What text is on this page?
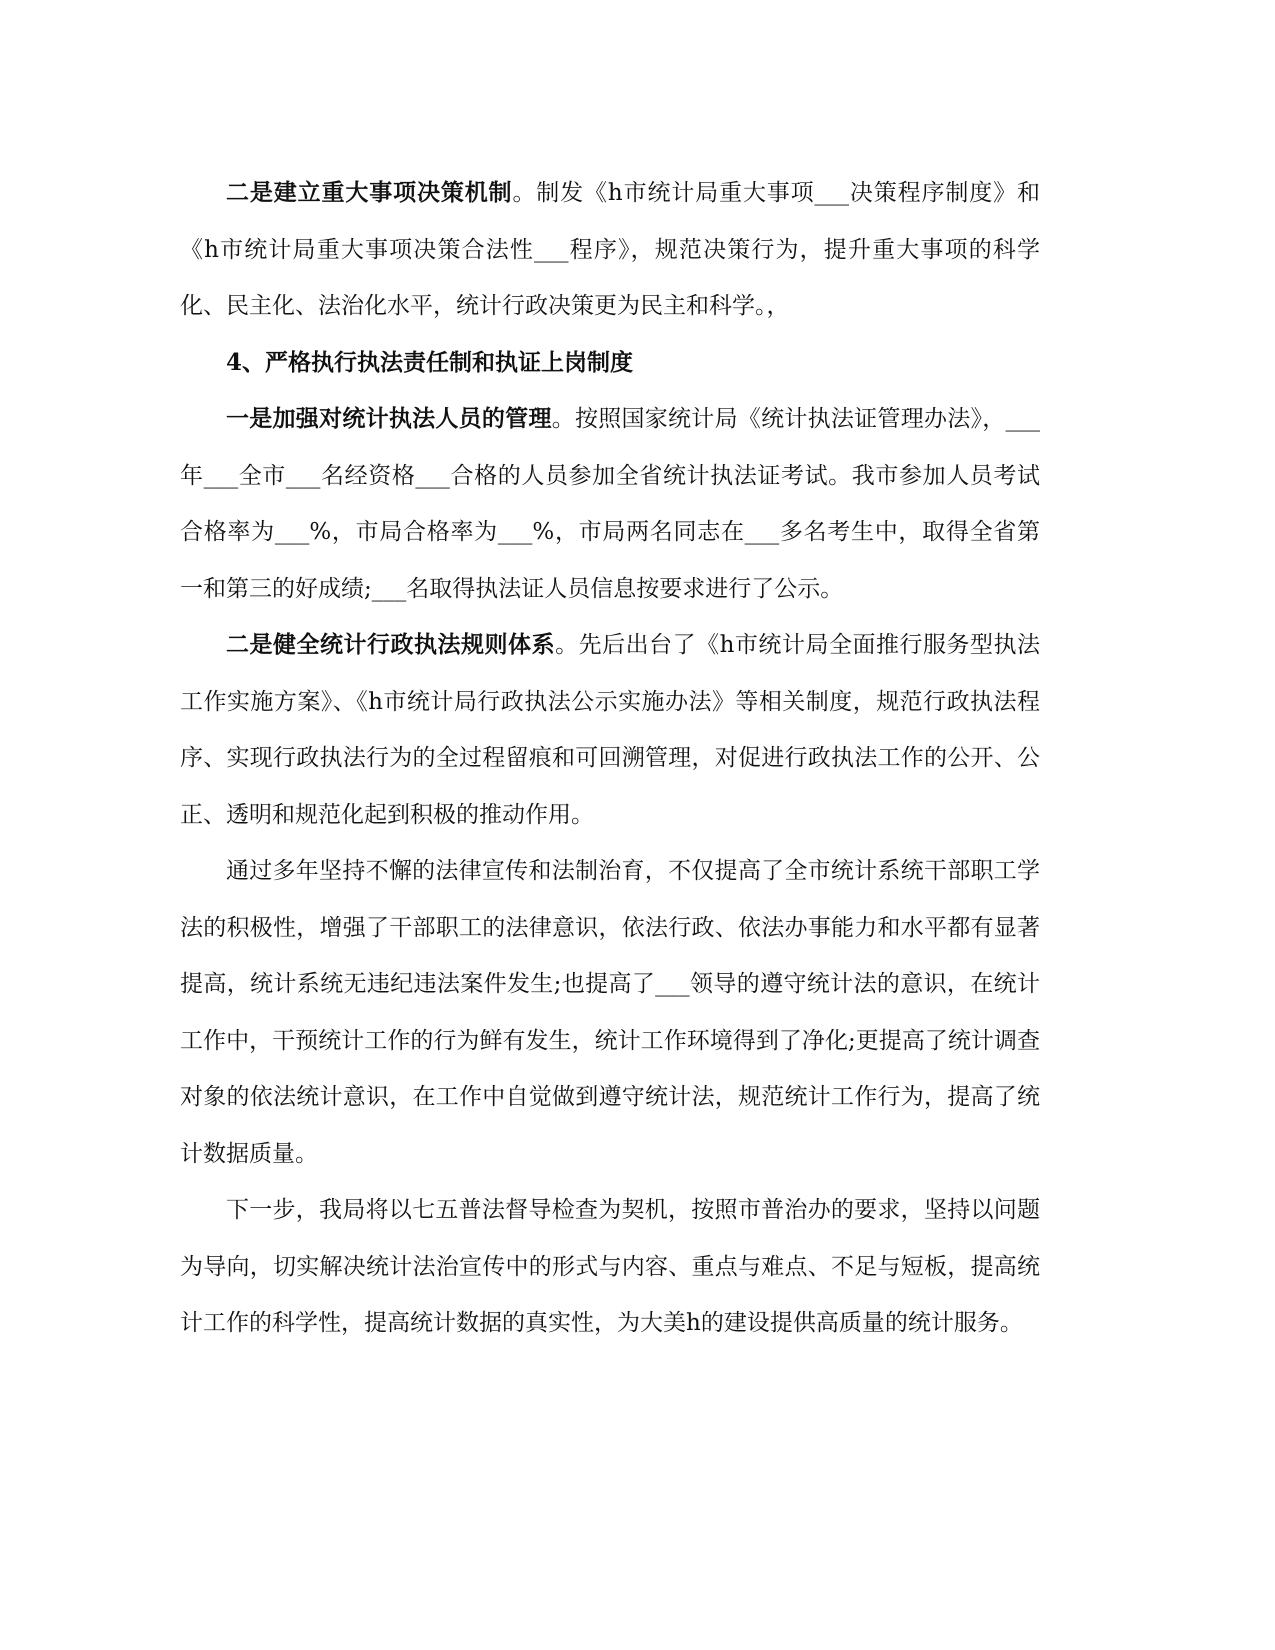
二是建立重大事项决策机制。制发《h市统计局重大事项___决策程序制度》和《h市统计局重大事项决策合法性___程序》，规范决策行为，提升重大事项的科学化、民主化、法治化水平，统计行政决策更为民主和科学。，

4、严格执行执法责任制和执证上岗制度

一是加强对统计执法人员的管理。按照国家统计局《统计执法证管理办法》，___年___全市___名经资格___合格的人员参加全省统计执法证考试。我市参加人员考试合格率为___%，市局合格率为___%，市局两名同志在___多名考生中，取得全省第一和第三的好成绩;___名取得执法证人员信息按要求进行了公示。

二是健全统计行政执法规则体系。先后出台了《h市统计局全面推行服务型执法工作实施方案》、《h市统计局行政执法公示实施办法》等相关制度，规范行政执法程序、实现行政执法行为的全过程留痕和可回溯管理，对促进行政执法工作的公开、公正、透明和规范化起到积极的推动作用。

通过多年坚持不懈的法律宣传和法制治育，不仅提高了全市统计系统干部职工学法的积极性，增强了干部职工的法律意识，依法行政、依法办事能力和水平都有显著提高，统计系统无违纪违法案件发生;也提高了___领导的遵守统计法的意识，在统计工作中，干预统计工作的行为鲜有发生，统计工作环境得到了净化;更提高了统计调查对象的依法统计意识，在工作中自觉做到遵守统计法，规范统计工作行为，提高了统计数据质量。

下一步，我局将以七五普法督导检查为契机，按照市普治办的要求，坚持以问题为导向，切实解决统计法治宣传中的形式与内容、重点与难点、不足与短板，提高统计工作的科学性，提高统计数据的真实性，为大美h的建设提供高质量的统计服务。
